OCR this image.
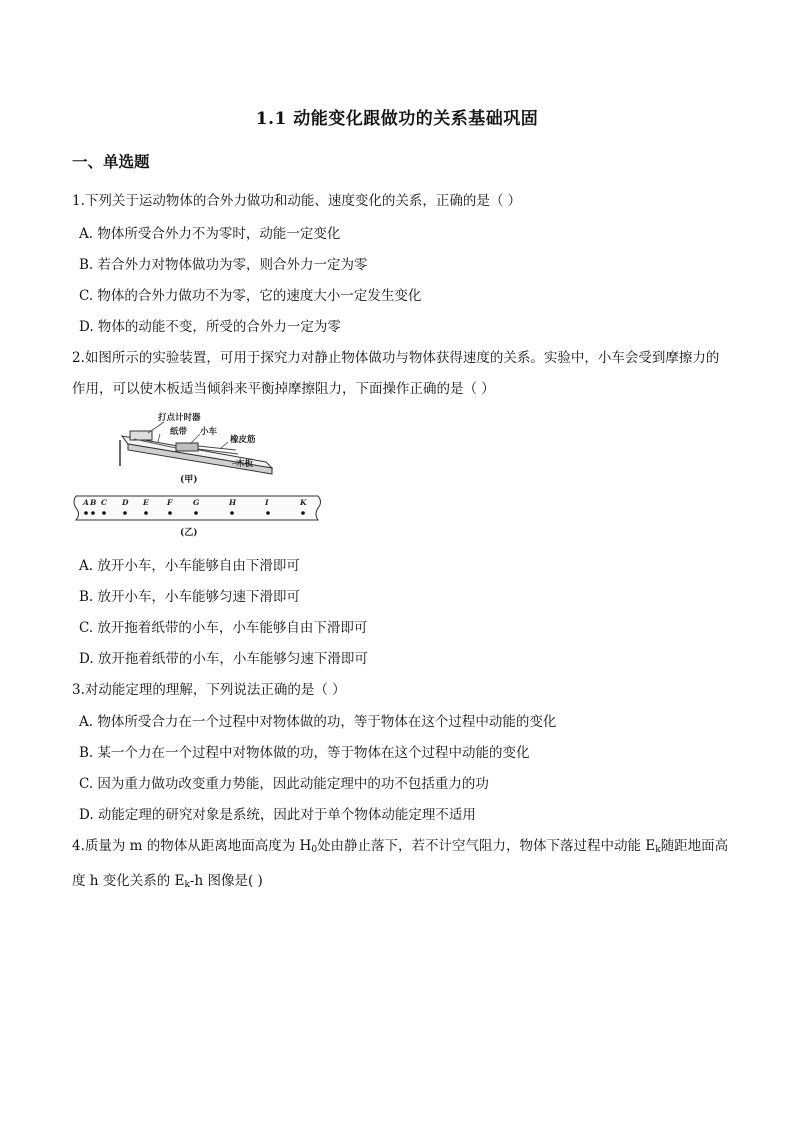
1.1 动能变化跟做功的关系基础巩固
一、单选题
1.下列关于运动物体的合外力做功和动能、速度变化的关系，正确的是（ ）
A. 物体所受合外力不为零时，动能一定变化
B. 若合外力对物体做功为零，则合外力一定为零
C. 物体的合外力做功不为零，它的速度大小一定发生变化
D. 物体的动能不变，所受的合外力一定为零
2.如图所示的实验装置，可用于探究力对静止物体做功与物体获得速度的关系。实验中，小车会受到摩擦力的作用，可以使木板适当倾斜来平衡掉摩擦阻力，下面操作正确的是（ ）
打点计时器
纸带 小车
橡皮筋
木板
(甲)
A B C D E F	G	H	I	K
(乙)
A. 放开小车，小车能够自由下滑即可
B. 放开小车，小车能够匀速下滑即可
C. 放开拖着纸带的小车，小车能够自由下滑即可
D. 放开拖着纸带的小车，小车能够匀速下滑即可
3.对动能定理的理解，下列说法正确的是（ ）
A. 物体所受合力在一个过程中对物体做的功，等于物体在这个过程中动能的变化
B. 某一个力在一个过程中对物体做的功，等于物体在这个过程中动能的变化
C. 因为重力做功改变重力势能，因此动能定理中的功不包括重力的功
D. 动能定理的研究对象是系统，因此对于单个物体动能定理不适用
4.质量为 m 的物体从距离地面高度为 $H_0$处由静止落下，若不计空气阻力，物体下落过程中动能 $E_k$随距地面高度 h 变化关系的 $E_k-h$ 图像是( )
